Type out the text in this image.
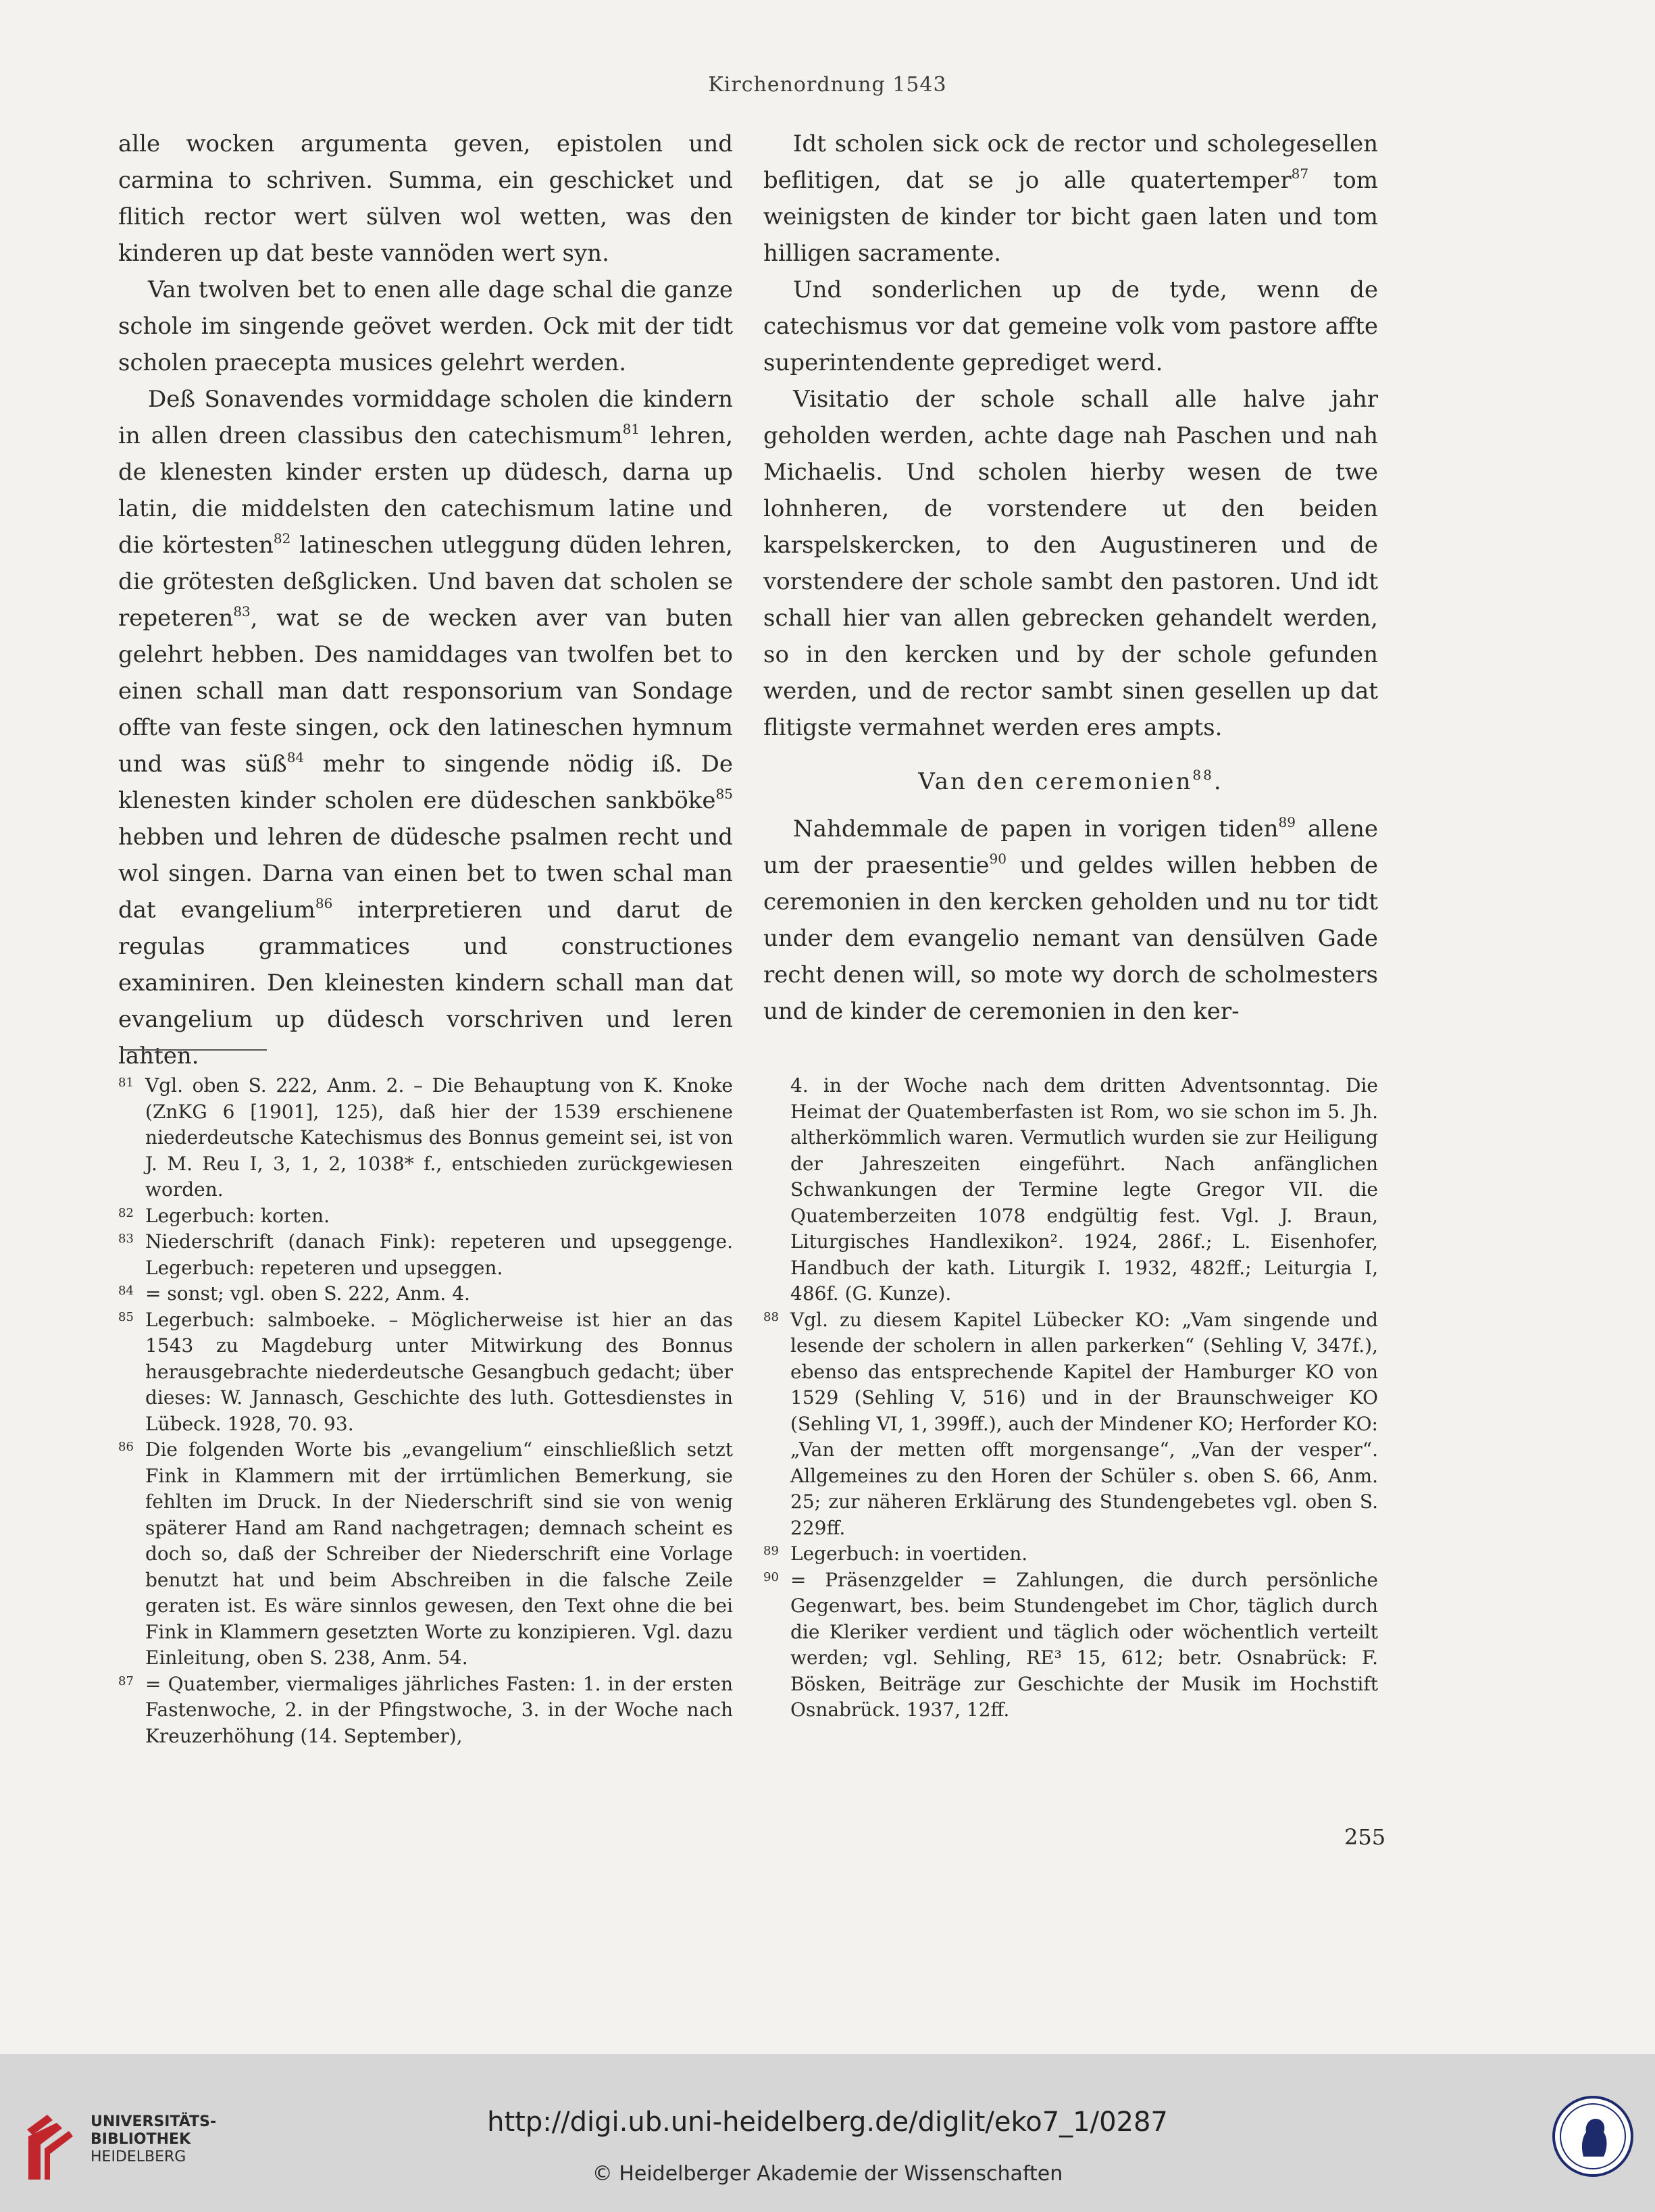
Kirchenordnung 1543

alle wocken argumenta geven, epistolen und carmina to schriven. Summa, ein geschicket und flitich rector wert sülven wol wetten, was den kinderen up dat beste vannöden wert syn.

Van twolven bet to enen alle dage schal die ganze schole im singende geövet werden. Ock mit der tidt scholen praecepta musices gelehrt werden.

Deß Sonavendes vormiddage scholen die kindern in allen dreen classibus den catechismum$^{81}$ lehren, de klenesten kinder ersten up düdesch, darna up latin, die middelsten den catechismum latine und die körtesten$^{82}$ latineschen utleggung düden lehren, die grötesten deßglicken. Und baven dat scholen se repeteren$^{83}$, wat se de wecken aver van buten gelehrt hebben. Des namiddages van twolfen bet to einen schall man datt responsorium van Sondage offte van feste singen, ock den latineschen hymnum und was süß$^{84}$ mehr to singende nödig iß. De klenesten kinder scholen ere düdeschen sankböke$^{85}$ hebben und lehren de düdesche psalmen recht und wol singen. Darna van einen bet to twen schal man dat evangelium$^{86}$ interpretieren und darut de regulas grammatices und constructiones examiniren. Den kleinesten kindern schall man dat evangelium up düdesch vorschriven und leren lahten.

Idt scholen sick ock de rector und scholegesellen beflitigen, dat se jo alle quatertemper$^{87}$ tom weinigsten de kinder tor bicht gaen laten und tom hilligen sacramente.

Und sonderlichen up de tyde, wenn de catechismus vor dat gemeine volk vom pastore affte superintendente geprediget werd.

Visitatio der schole schall alle halve jahr geholden werden, achte dage nah Paschen und nah Michaelis. Und scholen hierby wesen de twe lohnheren, de vorstendere ut den beiden karspelskercken, to den Augustineren und de vorstendere der schole sambt den pastoren. Und idt schall hier van allen gebrecken gehandelt werden, so in den kercken und by der schole gefunden werden, und de rector sambt sinen gesellen up dat flitigste vermahnet werden eres ampts.

Van den ceremonien$^{88}$.

Nahdemmale de papen in vorigen tiden$^{89}$ allene um der praesentie$^{90}$ und geldes willen hebben de ceremonien in den kercken geholden und nu tor tidt under dem evangelio nemant van densülven Gade recht denen will, so mote wy dorch de scholmesters und de kinder de ceremonien in den ker-

81 Vgl. oben S. 222, Anm. 2. – Die Behauptung von K. Knoke (ZnKG 6 [1901], 125), daß hier der 1539 erschienene niederdeutsche Katechismus des Bonnus gemeint sei, ist von J. M. Reu I, 3, 1, 2, 1038* f., entschieden zurückgewiesen worden.
82 Legerbuch: korten.
83 Niederschrift (danach Fink): repeteren und upseggenge. Legerbuch: repeteren und upseggen.
84 = sonst; vgl. oben S. 222, Anm. 4.
85 Legerbuch: salmboeke. – Möglicherweise ist hier an das 1543 zu Magdeburg unter Mitwirkung des Bonnus herausgebrachte niederdeutsche Gesangbuch gedacht; über dieses: W. Jannasch, Geschichte des luth. Gottesdienstes in Lübeck. 1928, 70. 93.
86 Die folgenden Worte bis „evangelium“ einschließlich setzt Fink in Klammern mit der irrtümlichen Bemerkung, sie fehlten im Druck. In der Niederschrift sind sie von wenig späterer Hand am Rand nachgetragen; demnach scheint es doch so, daß der Schreiber der Niederschrift eine Vorlage benutzt hat und beim Abschreiben in die falsche Zeile geraten ist. Es wäre sinnlos gewesen, den Text ohne die bei Fink in Klammern gesetzten Worte zu konzipieren. Vgl. dazu Einleitung, oben S. 238, Anm. 54.
87 = Quatember, viermaliges jährliches Fasten: 1. in der ersten Fastenwoche, 2. in der Pfingstwoche, 3. in der Woche nach Kreuzerhöhung (14. September),
4. in der Woche nach dem dritten Adventsonntag. Die Heimat der Quatemberfasten ist Rom, wo sie schon im 5. Jh. altherkömmlich waren. Vermutlich wurden sie zur Heiligung der Jahreszeiten eingeführt. Nach anfänglichen Schwankungen der Termine legte Gregor VII. die Quatemberzeiten 1078 endgültig fest. Vgl. J. Braun, Liturgisches Handlexikon². 1924, 286f.; L. Eisenhofer, Handbuch der kath. Liturgik I. 1932, 482ff.; Leiturgia I, 486f. (G. Kunze).
88 Vgl. zu diesem Kapitel Lübecker KO: „Vam singende und lesende der scholern in allen parkerken“ (Sehling V, 347f.), ebenso das entsprechende Kapitel der Hamburger KO von 1529 (Sehling V, 516) und in der Braunschweiger KO (Sehling VI, 1, 399ff.), auch der Mindener KO; Herforder KO: „Van der metten offt morgensange“, „Van der vesper“. Allgemeines zu den Horen der Schüler s. oben S. 66, Anm. 25; zur näheren Erklärung des Stundengebetes vgl. oben S. 229ff.
89 Legerbuch: in voertiden.
90 = Präsenzgelder = Zahlungen, die durch persönliche Gegenwart, bes. beim Stundengebet im Chor, täglich durch die Kleriker verdient und täglich oder wöchentlich verteilt werden; vgl. Sehling, RE³ 15, 612; betr. Osnabrück: F. Bösken, Beiträge zur Geschichte der Musik im Hochstift Osnabrück. 1937, 12ff.
255
UNIVERSITÄTS-
BIBLIOTHEK
HEIDELBERG
http://digi.ub.uni-heidelberg.de/diglit/eko7_1/0287
© Heidelberger Akademie der Wissenschaften
